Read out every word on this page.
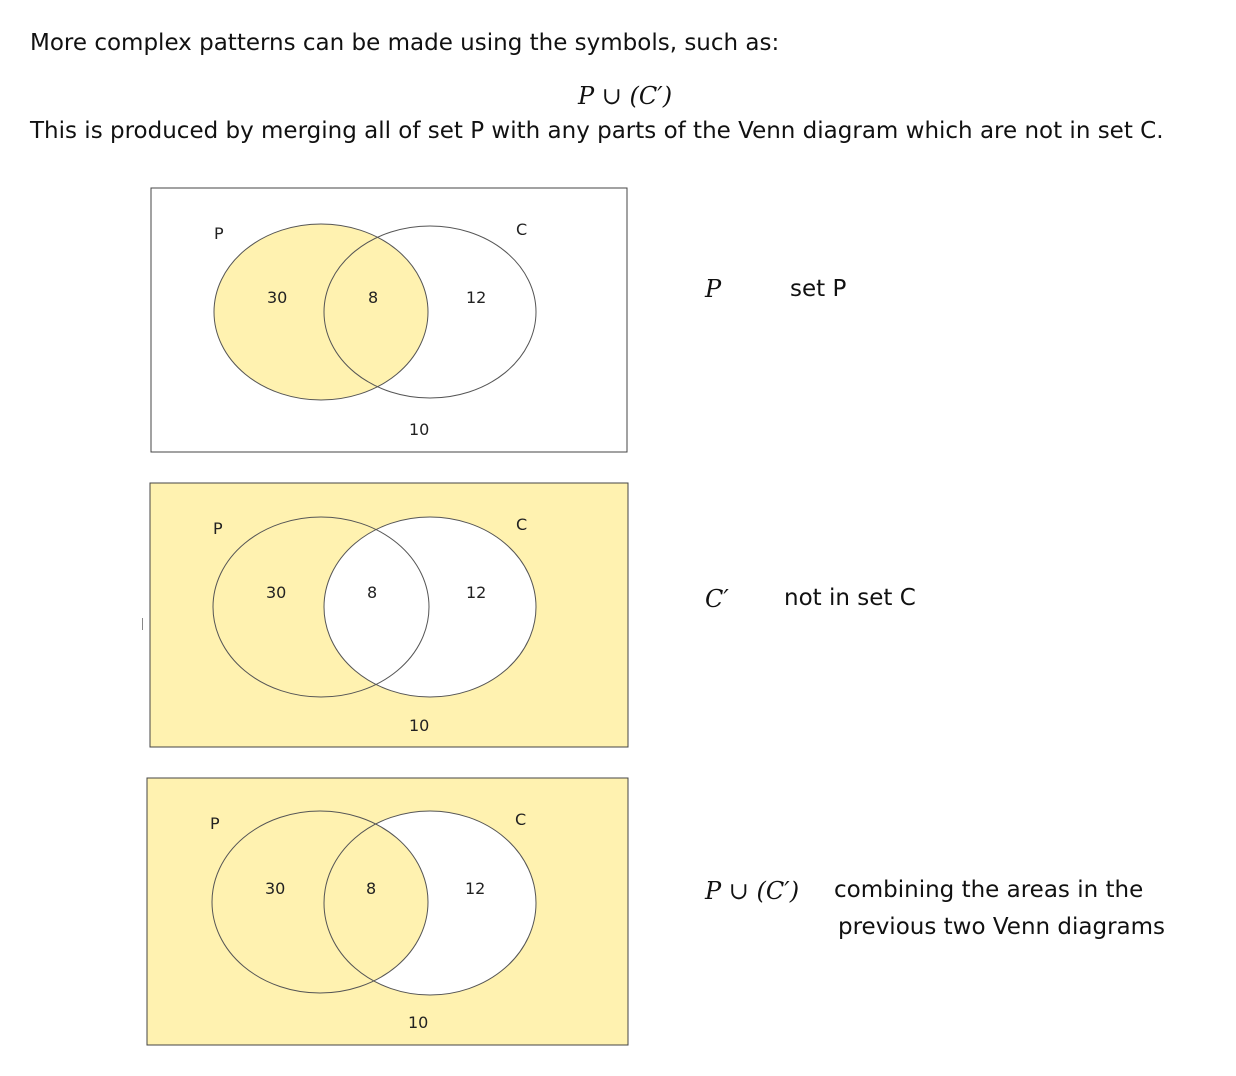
More complex patterns can be made using the symbols, such as:

P ∪ (C′)

This is produced by merging all of set P with any parts of the Venn diagram which are not in set C.

P	C
30	8	12
10
P	C
30	8	12
10
P	C
30	8	12
10
P	set P

C′ not in set C

P ∪ (C′) combining the areas in the

previous two Venn diagrams
